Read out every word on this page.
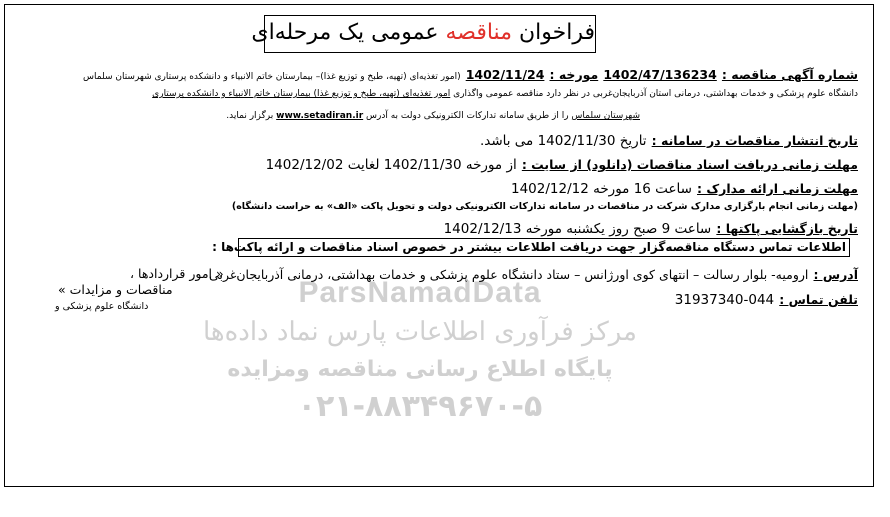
فراخوان مناقصه عمومی یک مرحله‌ای
ParsNamadData
مرکز فرآوری اطلاعات پارس نماد داده‌ها
پایگاه اطلاع رسانی مناقصه ومزایده
۰۲۱-۸۸۳۴۹۶۷۰-۵
شماره آگهی مناقصه : 1402/47/136234 مورخه : 1402/11/24 (امور تغذیه‌ای (تهیه، طبخ و توزیع غذا)– بیمارستان خاتم الانبیاء و دانشکده پرستاری شهرستان سلماس
دانشگاه علوم پزشکی و خدمات بهداشتی، درمانی استان آذربایجان‌غربی در نظر دارد مناقصه عمومی واگذاری امور تغذیه‌ای (تهیه، طبخ و توزیع غذا) بیمارستان خاتم الانبیاء و دانشکده پرستاری
شهرستان سلماس را از طریق سامانه تدارکات الکترونیکی دولت به آدرس www.setadiran.ir برگزار نماید.
تاریخ انتشار مناقصات در سامانه : تاریخ 1402/11/30 می باشد.
مهلت زمانی دریافت اسناد مناقصات (دانلود) از سایت : از مورخه 1402/11/30 لغایت 1402/12/02
مهلت زمانی ارائه مدارک : ساعت 16 مورخه 1402/12/12
(مهلت زمانی انجام بارگزاری مدارک شرکت در مناقصات در سامانه تدارکات الکترونیکی دولت و تحویل پاکت «الف» به حراست دانشگاه)
تاریخ بازگشایی پاکتها : ساعت 9 صبح روز یکشنبه مورخه 1402/12/13
اطلاعات تماس دستگاه مناقصه‌گزار جهت دریافت اطلاعات بیشتر در خصوص اسناد مناقصات و ارائه پاکت‌ها :
آدرس : ارومیه- بلوار رسالت – انتهای کوی اورژانس – ستاد دانشگاه علوم پزشکی و خدمات بهداشتی، درمانی آذربایجان‌غربی
« امور قراردادها ،
مناقصات و مزایدات »
دانشگاه علوم پزشکی و	تلفن تماس : 044-31937340
